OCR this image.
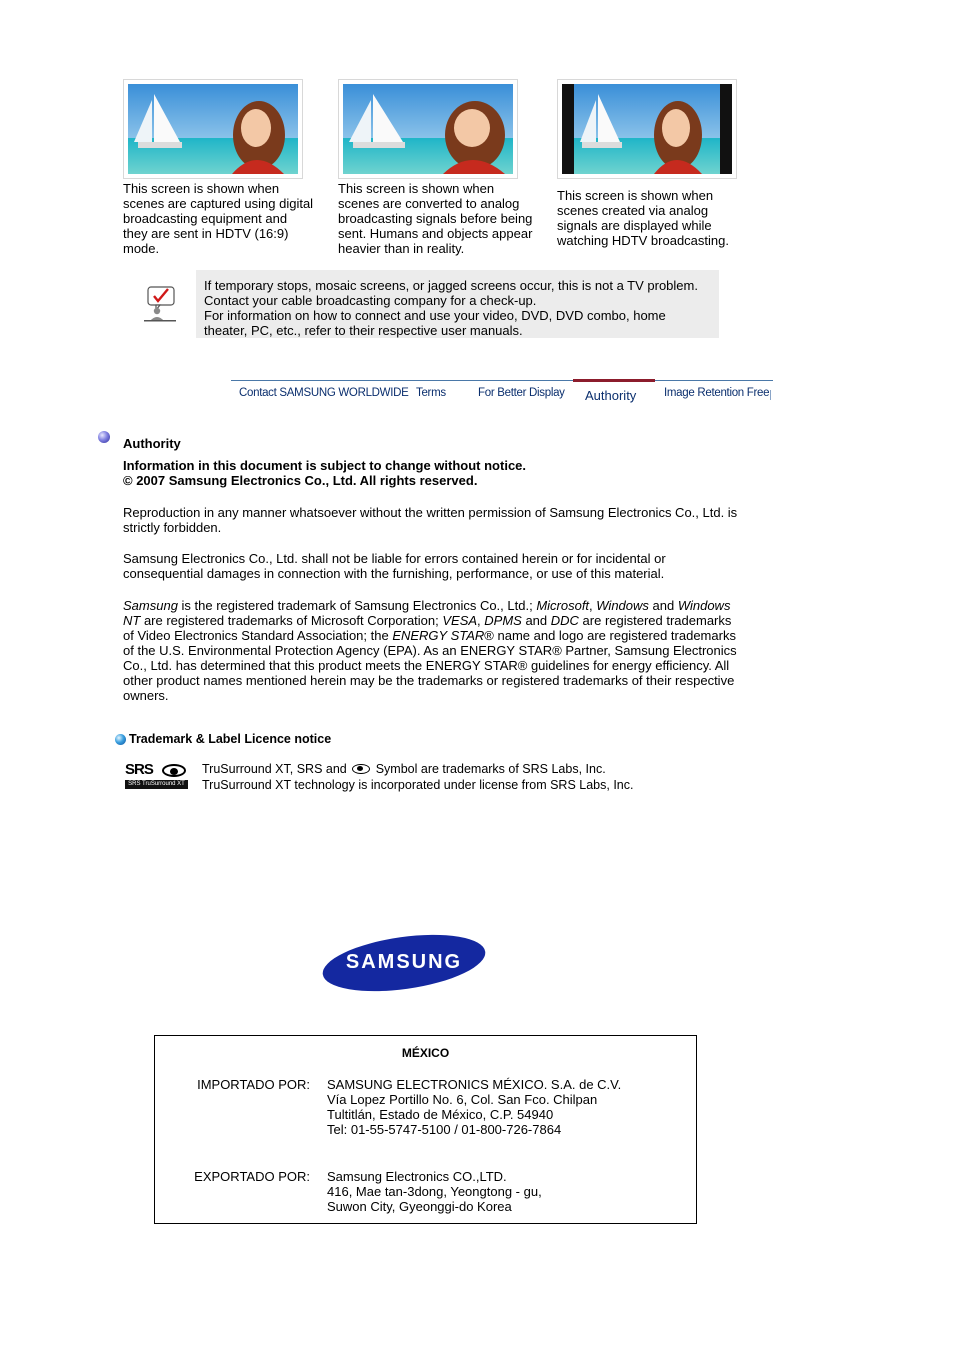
This screen is shown when
scenes are captured using digital
broadcasting equipment and
they are sent in HDTV (16:9)
mode.
This screen is shown when
scenes are converted to analog
broadcasting signals before being
sent. Humans and objects appear
heavier than in reality.
This screen is shown when
scenes created via analog
signals are displayed while
watching HDTV broadcasting.
If temporary stops, mosaic screens, or jagged screens occur, this is not a TV problem.
Contact your cable broadcasting company for a check-up.
For information on how to connect and use your video, DVD, DVD combo, home
theater, PC, etc., refer to their respective user manuals.
Contact SAMSUNG WORLDWIDE Terms	For Better Display Authority Image Retention Free
Authority
Information in this document is subject to change without notice.
© 2007 Samsung Electronics Co., Ltd. All rights reserved.
Reproduction in any manner whatsoever without the written permission of Samsung Electronics Co., Ltd. is
strictly forbidden.
Samsung Electronics Co., Ltd. shall not be liable for errors contained herein or for incidental or
consequential damages in connection with the furnishing, performance, or use of this material.
Samsung is the registered trademark of Samsung Electronics Co., Ltd.; Microsoft, Windows and Windows
NT are registered trademarks of Microsoft Corporation; VESA, DPMS and DDC are registered trademarks
of Video Electronics Standard Association; the ENERGY STAR® name and logo are registered trademarks
of the U.S. Environmental Protection Agency (EPA). As an ENERGY STAR® Partner, Samsung Electronics
Co., Ltd. has determined that this product meets the ENERGY STAR® guidelines for energy efficiency. All
other product names mentioned herein may be the trademarks or registered trademarks of their respective
owners.
Trademark & Label Licence notice
SRS
SRS TruSurround XT
TruSurround XT, SRS and Symbol are trademarks of SRS Labs, Inc.
TruSurround XT technology is incorporated under license from SRS Labs, Inc.
SAMSUNG
MÉXICO
IMPORTADO POR: SAMSUNG ELECTRONICS MÉXICO. S.A. de C.V.
Vía Lopez Portillo No. 6, Col. San Fco. Chilpan
Tultitlán, Estado de México, C.P. 54940
Tel: 01-55-5747-5100 / 01-800-726-7864
EXPORTADO POR: Samsung Electronics CO.,LTD.
416, Mae tan-3dong, Yeongtong - gu,
Suwon City, Gyeonggi-do Korea
